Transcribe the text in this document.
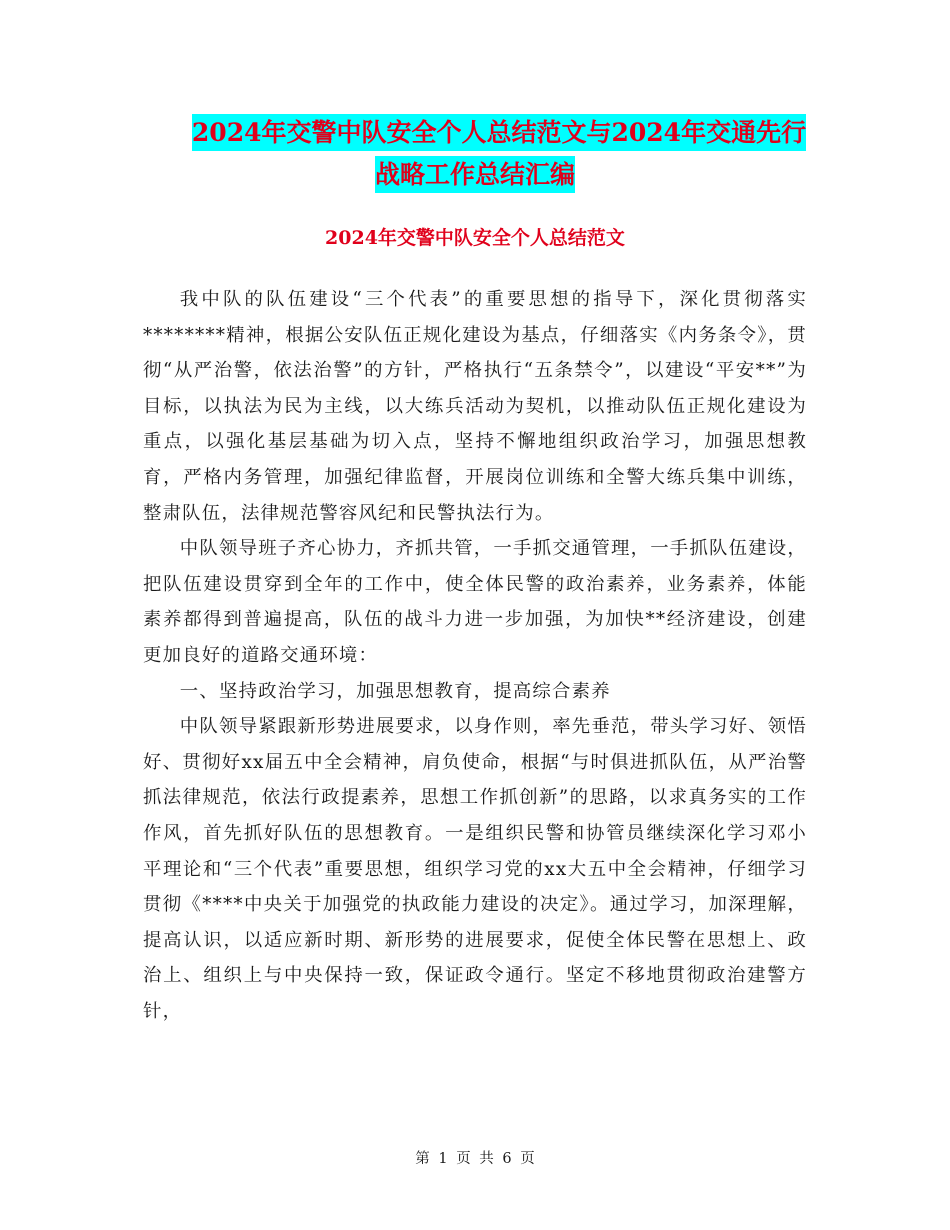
2024年交警中队安全个人总结范文与2024年交通先行
战略工作总结汇编
2024年交警中队安全个人总结范文

我中队的队伍建设“三个代表”的重要思想的指导下，深化贯彻落实********精神，根据公安队伍正规化建设为基点，仔细落实《内务条令》，贯彻“从严治警，依法治警”的方针，严格执行“五条禁令”，以建设“平安**”为目标，以执法为民为主线，以大练兵活动为契机，以推动队伍正规化建设为重点，以强化基层基础为切入点，坚持不懈地组织政治学习，加强思想教育，严格内务管理，加强纪律监督，开展岗位训练和全警大练兵集中训练，整肃队伍，法律规范警容风纪和民警执法行为。

中队领导班子齐心协力，齐抓共管，一手抓交通管理，一手抓队伍建设，把队伍建设贯穿到全年的工作中，使全体民警的政治素养，业务素养，体能素养都得到普遍提高，队伍的战斗力进一步加强，为加快**经济建设，创建更加良好的道路交通环境：

一、坚持政治学习，加强思想教育，提高综合素养

中队领导紧跟新形势进展要求，以身作则，率先垂范，带头学习好、领悟好、贯彻好xx届五中全会精神，肩负使命，根据“与时俱进抓队伍，从严治警抓法律规范，依法行政提素养，思想工作抓创新”的思路，以求真务实的工作作风，首先抓好队伍的思想教育。一是组织民警和协管员继续深化学习邓小平理论和“三个代表”重要思想，组织学习党的xx大五中全会精神，仔细学习贯彻《****中央关于加强党的执政能力建设的决定》。通过学习，加深理解，提高认识，以适应新时期、新形势的进展要求，促使全体民警在思想上、政治上、组织上与中央保持一致，保证政令通行。坚定不移地贯彻政治建警方针，

第 1 页 共 6 页
